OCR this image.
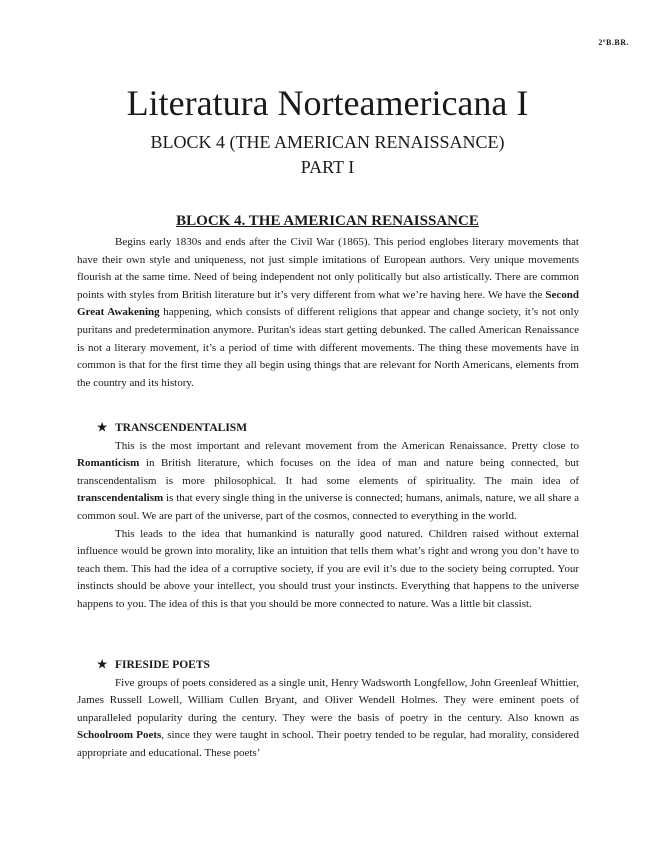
2ºB.BR.
Literatura Norteamericana I
BLOCK 4 (THE AMERICAN RENAISSANCE)
PART I
BLOCK 4. THE AMERICAN RENAISSANCE

Begins early 1830s and ends after the Civil War (1865). This period englobes literary movements that have their own style and uniqueness, not just simple imitations of European authors. Very unique movements flourish at the same time. Need of being independent not only politically but also artistically. There are common points with styles from British literature but it’s very different from what we’re having here. We have the Second Great Awakening happening, which consists of different religions that appear and change society, it’s not only puritans and predetermination anymore. Puritan's ideas start getting debunked. The called American Renaissance is not a literary movement, it’s a period of time with different movements. The thing these movements have in common is that for the first time they all begin using things that are relevant for North Americans, elements from the country and its history.

★ TRANSCENDENTALISM

This is the most important and relevant movement from the American Renaissance. Pretty close to Romanticism in British literature, which focuses on the idea of man and nature being connected, but transcendentalism is more philosophical. It had some elements of spirituality. The main idea of transcendentalism is that every single thing in the universe is connected; humans, animals, nature, we all share a common soul. We are part of the universe, part of the cosmos, connected to everything in the world.

This leads to the idea that humankind is naturally good natured. Children raised without external influence would be grown into morality, like an intuition that tells them what’s right and wrong you don’t have to teach them. This had the idea of a corruptive society, if you are evil it’s due to the society being corrupted. Your instincts should be above your intellect, you should trust your instincts. Everything that happens to the universe happens to you. The idea of this is that you should be more connected to nature. Was a little bit classist.

★ FIRESIDE POETS

Five groups of poets considered as a single unit, Henry Wadsworth Longfellow, John Greenleaf Whittier, James Russell Lowell, William Cullen Bryant, and Oliver Wendell Holmes. They were eminent poets of unparalleled popularity during the century. They were the basis of poetry in the century. Also known as Schoolroom Poets, since they were taught in school. Their poetry tended to be regular, had morality, considered appropriate and educational. These poets’
